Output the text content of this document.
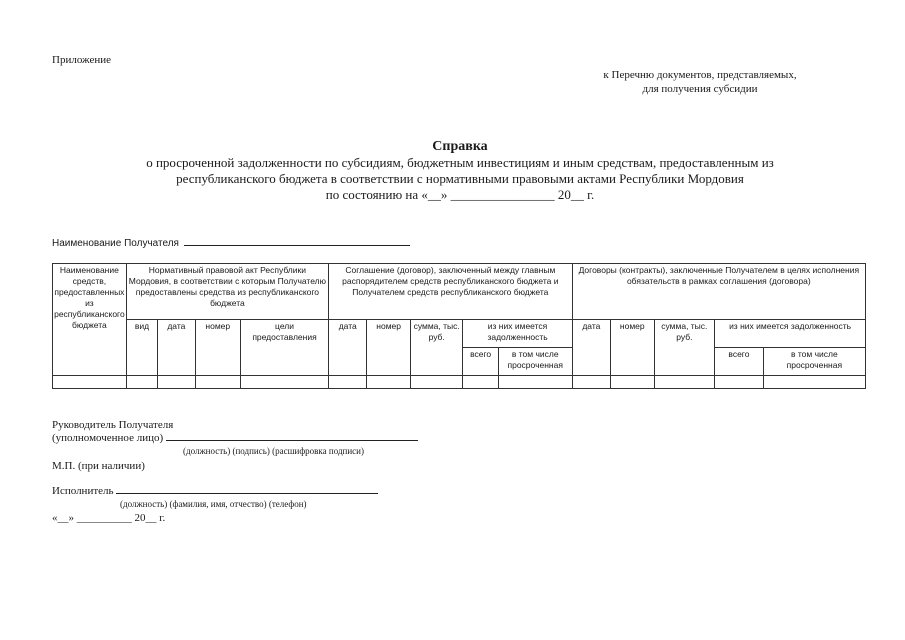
Приложение
к Перечню документов, представляемых,
для получения субсидии
Справка
о просроченной задолженности по субсидиям, бюджетным инвестициям и иным средствам, предоставленным из
республиканского бюджета в соответствии с нормативными правовыми актами Республики Мордовия
по состоянию на «__» ________________ 20__ г.
Наименование Получателя
Наименование средств, предоставленных из республиканского бюджета	Нормативный правовой акт Республики Мордовия, в соответствии с которым Получателю предоставлены средства из республиканского бюджета				Соглашение (договор), заключенный между главным распорядителем средств республиканского бюджета и Получателем средств республиканского бюджета					Договоры (контракты), заключенные Получателем в целях исполнения обязательств в рамках соглашения (договора)				
	вид	дата	номер	цели предоставления	дата	номер	сумма, тыс. руб.	из них имеется задолженность		дата	номер	сумма, тыс. руб.	из них имеется задолженность	
								всего	в том числе просроченная				всего	в том числе просроченная

Руководитель Получателя
(уполномоченное лицо)
(должность) (подпись) (расшифровка подписи)
М.П. (при наличии)
Исполнитель
(должность) (фамилия, имя, отчество) (телефон)
«__» __________ 20__ г.
